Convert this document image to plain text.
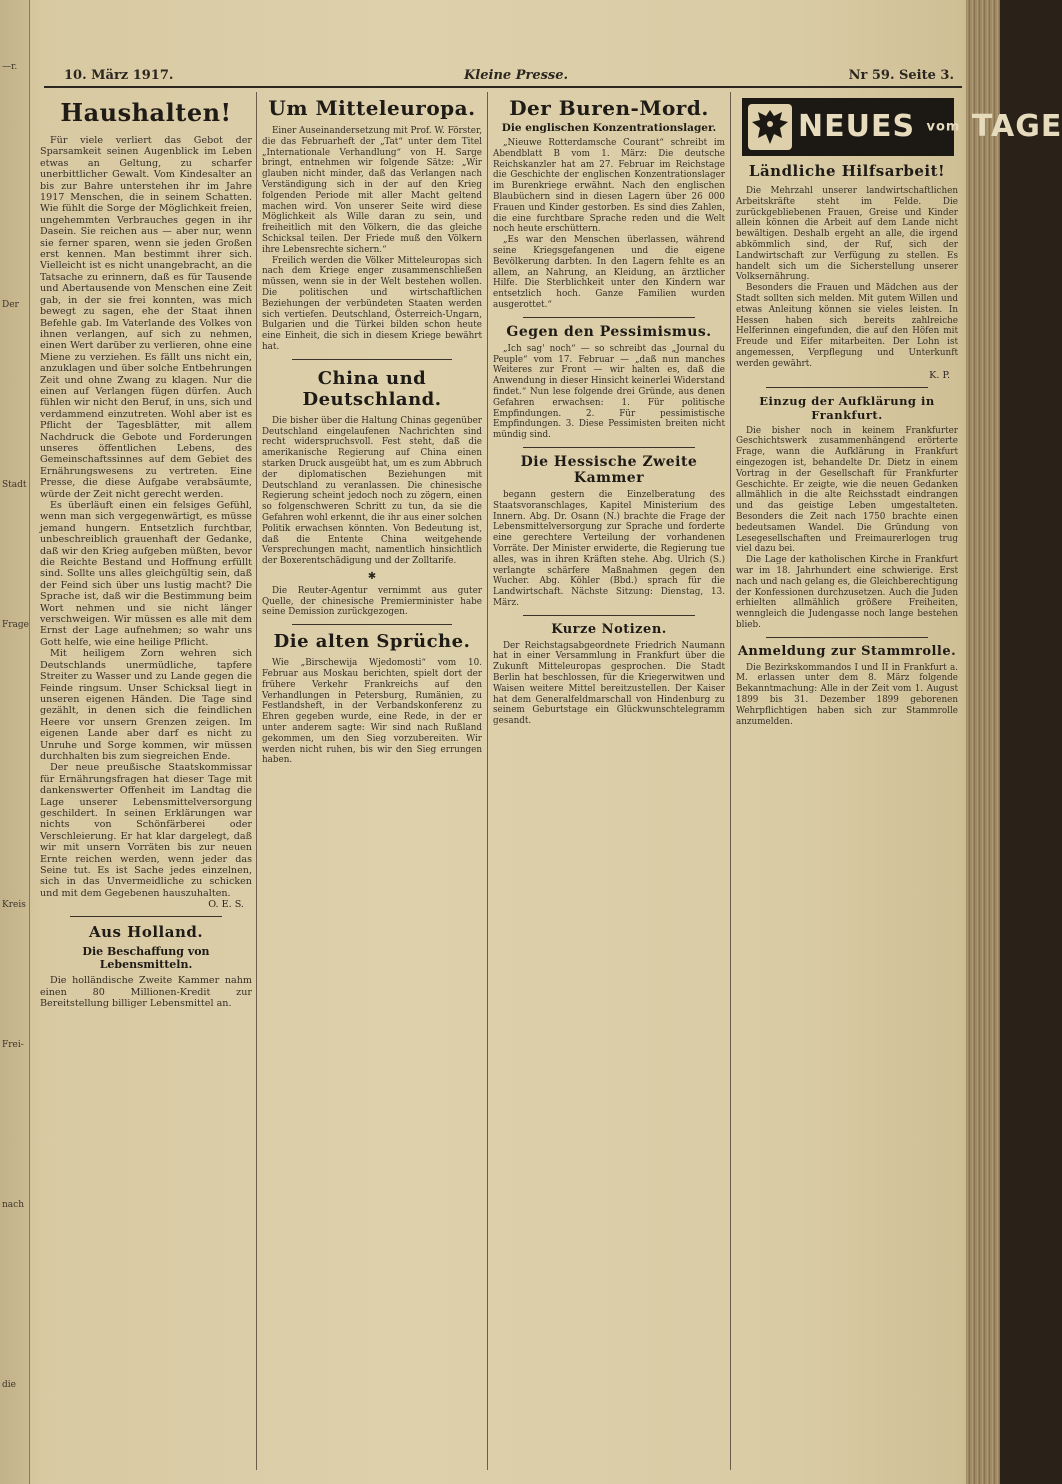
—r.
Der
Stadt
Frage
Kreis
Frei-
nach
die
10. März 1917.	Kleine Presse.	Nr 59. Seite 3.
Haushalten!

Für viele verliert das Gebot der Sparsamkeit seinen Augenblick im Leben etwas an Geltung, zu scharfer unerbittlicher Gewalt. Vom Kindesalter an bis zur Bahre unterstehen ihr im Jahre 1917 Menschen, die in seinem Schatten. Wie fühlt die Sorge der Möglichkeit freien, ungehemmten Verbrauches gegen in ihr Dasein. Sie reichen aus — aber nur, wenn sie ferner sparen, wenn sie jeden Großen erst kennen. Man bestimmt ihrer sich. Vielleicht ist es nicht unangebracht, an die Tatsache zu erinnern, daß es für Tausende und Abertausende von Menschen eine Zeit gab, in der sie frei konnten, was mich bewegt zu sagen, ehe der Staat ihnen Befehle gab. Im Vaterlande des Volkes von ihnen verlangen, auf sich zu nehmen, einen Wert darüber zu verlieren, ohne eine Miene zu verziehen. Es fällt uns nicht ein, anzuklagen und über solche Entbehrungen Zeit und ohne Zwang zu klagen. Nur die einen auf Verlangen fügen dürfen. Auch fühlen wir nicht den Beruf, in uns, sich und verdammend einzutreten. Wohl aber ist es Pflicht der Tagesblätter, mit allem Nachdruck die Gebote und Forderungen unseres öffentlichen Lebens, des Gemeinschaftssinnes auf dem Gebiet des Ernährungswesens zu vertreten. Eine Presse, die diese Aufgabe verabsäumte, würde der Zeit nicht gerecht werden.

Es überläuft einen ein felsiges Gefühl, wenn man sich vergegenwärtigt, es müsse jemand hungern. Entsetzlich furchtbar, unbeschreiblich grauenhaft der Gedanke, daß wir den Krieg aufgeben müßten, bevor die Reichte Bestand und Hoffnung erfüllt sind. Sollte uns alles gleichgültig sein, daß der Feind sich über uns lustig macht? Die Sprache ist, daß wir die Bestimmung beim Wort nehmen und sie nicht länger verschweigen. Wir müssen es alle mit dem Ernst der Lage aufnehmen; so wahr uns Gott helfe, wie eine heilige Pflicht.

Mit heiligem Zorn wehren sich Deutschlands unermüdliche, tapfere Streiter zu Wasser und zu Lande gegen die Feinde ringsum. Unser Schicksal liegt in unseren eigenen Händen. Die Tage sind gezählt, in denen sich die feindlichen Heere vor unsern Grenzen zeigen. Im eigenen Lande aber darf es nicht zu Unruhe und Sorge kommen, wir müssen durchhalten bis zum siegreichen Ende.

Der neue preußische Staatskommissar für Ernährungsfragen hat dieser Tage mit dankenswerter Offenheit im Landtag die Lage unserer Lebensmittelversorgung geschildert. In seinen Erklärungen war nichts von Schönfärberei oder Verschleierung. Er hat klar dargelegt, daß wir mit unsern Vorräten bis zur neuen Ernte reichen werden, wenn jeder das Seine tut. Es ist Sache jedes einzelnen, sich in das Unvermeidliche zu schicken und mit dem Gegebenen hauszuhalten.

O. E. S.
Aus Holland.
Die Beschaffung von Lebensmitteln.

Die holländische Zweite Kammer nahm einen 80 Millionen-Kredit zur Bereitstellung billiger Lebensmittel an.

Um Mitteleuropa.

Einer Auseinandersetzung mit Prof. W. Förster, die das Februarheft der „Tat“ unter dem Titel „Internationale Verhandlung“ von H. Sarge bringt, entnehmen wir folgende Sätze: „Wir glauben nicht minder, daß das Verlangen nach Verständigung sich in der auf den Krieg folgenden Periode mit aller Macht geltend machen wird. Von unserer Seite wird diese Möglichkeit als Wille daran zu sein, und freiheitlich mit den Völkern, die das gleiche Schicksal teilen. Der Friede muß den Völkern ihre Lebensrechte sichern.“

Freilich werden die Völker Mitteleuropas sich nach dem Kriege enger zusammenschließen müssen, wenn sie in der Welt bestehen wollen. Die politischen und wirtschaftlichen Beziehungen der verbündeten Staaten werden sich vertiefen. Deutschland, Österreich-Ungarn, Bulgarien und die Türkei bilden schon heute eine Einheit, die sich in diesem Kriege bewährt hat.

China und Deutschland.

Die bisher über die Haltung Chinas gegenüber Deutschland eingelaufenen Nachrichten sind recht widerspruchsvoll. Fest steht, daß die amerikanische Regierung auf China einen starken Druck ausgeübt hat, um es zum Abbruch der diplomatischen Beziehungen mit Deutschland zu veranlassen. Die chinesische Regierung scheint jedoch noch zu zögern, einen so folgenschweren Schritt zu tun, da sie die Gefahren wohl erkennt, die ihr aus einer solchen Politik erwachsen könnten. Von Bedeutung ist, daß die Entente China weitgehende Versprechungen macht, namentlich hinsichtlich der Boxerentschädigung und der Zolltarife.

✱

Die Reuter-Agentur vernimmt aus guter Quelle, der chinesische Premierminister habe seine Demission zurückgezogen.

Die alten Sprüche.

Wie „Birschewija Wjedomosti“ vom 10. Februar aus Moskau berichten, spielt dort der frühere Verkehr Frankreichs auf den Verhandlungen in Petersburg, Rumänien, zu Festlandsheft, in der Verbandskonferenz zu Ehren gegeben wurde, eine Rede, in der er unter anderem sagte: Wir sind nach Rußland gekommen, um den Sieg vorzubereiten. Wir werden nicht ruhen, bis wir den Sieg errungen haben.

Der Buren-Mord.
Die englischen Konzentrationslager.

„Nieuwe Rotterdamsche Courant“ schreibt im Abendblatt B vom 1. März: Die deutsche Reichskanzler hat am 27. Februar im Reichstage die Geschichte der englischen Konzentrationslager im Burenkriege erwähnt. Nach den englischen Blaubüchern sind in diesen Lagern über 26 000 Frauen und Kinder gestorben. Es sind dies Zahlen, die eine furchtbare Sprache reden und die Welt noch heute erschüttern.

„Es war den Menschen überlassen, während seine Kriegsgefangenen und die eigene Bevölkerung darbten. In den Lagern fehlte es an allem, an Nahrung, an Kleidung, an ärztlicher Hilfe. Die Sterblichkeit unter den Kindern war entsetzlich hoch. Ganze Familien wurden ausgerottet.“

Gegen den Pessimismus.

„Ich sag' noch“ — so schreibt das „Journal du Peuple“ vom 17. Februar — „daß nun manches Weiteres zur Front — wir halten es, daß die Anwendung in dieser Hinsicht keinerlei Widerstand findet.“ Nun lese folgende drei Gründe, aus denen Gefahren erwachsen: 1. Für politische Empfindungen. 2. Für pessimistische Empfindungen. 3. Diese Pessimisten breiten nicht mündig sind.

Die Hessische Zweite Kammer

begann gestern die Einzelberatung des Staatsvoranschlages, Kapitel Ministerium des Innern. Abg. Dr. Osann (N.) brachte die Frage der Lebensmittelversorgung zur Sprache und forderte eine gerechtere Verteilung der vorhandenen Vorräte. Der Minister erwiderte, die Regierung tue alles, was in ihren Kräften stehe. Abg. Ulrich (S.) verlangte schärfere Maßnahmen gegen den Wucher. Abg. Köhler (Bbd.) sprach für die Landwirtschaft. Nächste Sitzung: Dienstag, 13. März.

Kurze Notizen.

Der Reichstagsabgeordnete Friedrich Naumann hat in einer Versammlung in Frankfurt über die Zukunft Mitteleuropas gesprochen. Die Stadt Berlin hat beschlossen, für die Kriegerwitwen und Waisen weitere Mittel bereitzustellen. Der Kaiser hat dem Generalfeldmarschall von Hindenburg zu seinem Geburtstage ein Glückwunschtelegramm gesandt.

NEUES vom TAGE
Ländliche Hilfsarbeit!

Die Mehrzahl unserer landwirtschaftlichen Arbeitskräfte steht im Felde. Die zurückgebliebenen Frauen, Greise und Kinder allein können die Arbeit auf dem Lande nicht bewältigen. Deshalb ergeht an alle, die irgend abkömmlich sind, der Ruf, sich der Landwirtschaft zur Verfügung zu stellen. Es handelt sich um die Sicherstellung unserer Volksernährung.

Besonders die Frauen und Mädchen aus der Stadt sollten sich melden. Mit gutem Willen und etwas Anleitung können sie vieles leisten. In Hessen haben sich bereits zahlreiche Helferinnen eingefunden, die auf den Höfen mit Freude und Eifer mitarbeiten. Der Lohn ist angemessen, Verpflegung und Unterkunft werden gewährt.

K. P.
Einzug der Aufklärung in Frankfurt.

Die bisher noch in keinem Frankfurter Geschichtswerk zusammenhängend erörterte Frage, wann die Aufklärung in Frankfurt eingezogen ist, behandelte Dr. Dietz in einem Vortrag in der Gesellschaft für Frankfurter Geschichte. Er zeigte, wie die neuen Gedanken allmählich in die alte Reichsstadt eindrangen und das geistige Leben umgestalteten. Besonders die Zeit nach 1750 brachte einen bedeutsamen Wandel. Die Gründung von Lesegesellschaften und Freimaurerlogen trug viel dazu bei.

Die Lage der katholischen Kirche in Frankfurt war im 18. Jahrhundert eine schwierige. Erst nach und nach gelang es, die Gleichberechtigung der Konfessionen durchzusetzen. Auch die Juden erhielten allmählich größere Freiheiten, wenngleich die Judengasse noch lange bestehen blieb.

Anmeldung zur Stammrolle.

Die Bezirkskommandos I und II in Frankfurt a. M. erlassen unter dem 8. März folgende Bekanntmachung: Alle in der Zeit vom 1. August 1899 bis 31. Dezember 1899 geborenen Wehrpflichtigen haben sich zur Stammrolle anzumelden.
